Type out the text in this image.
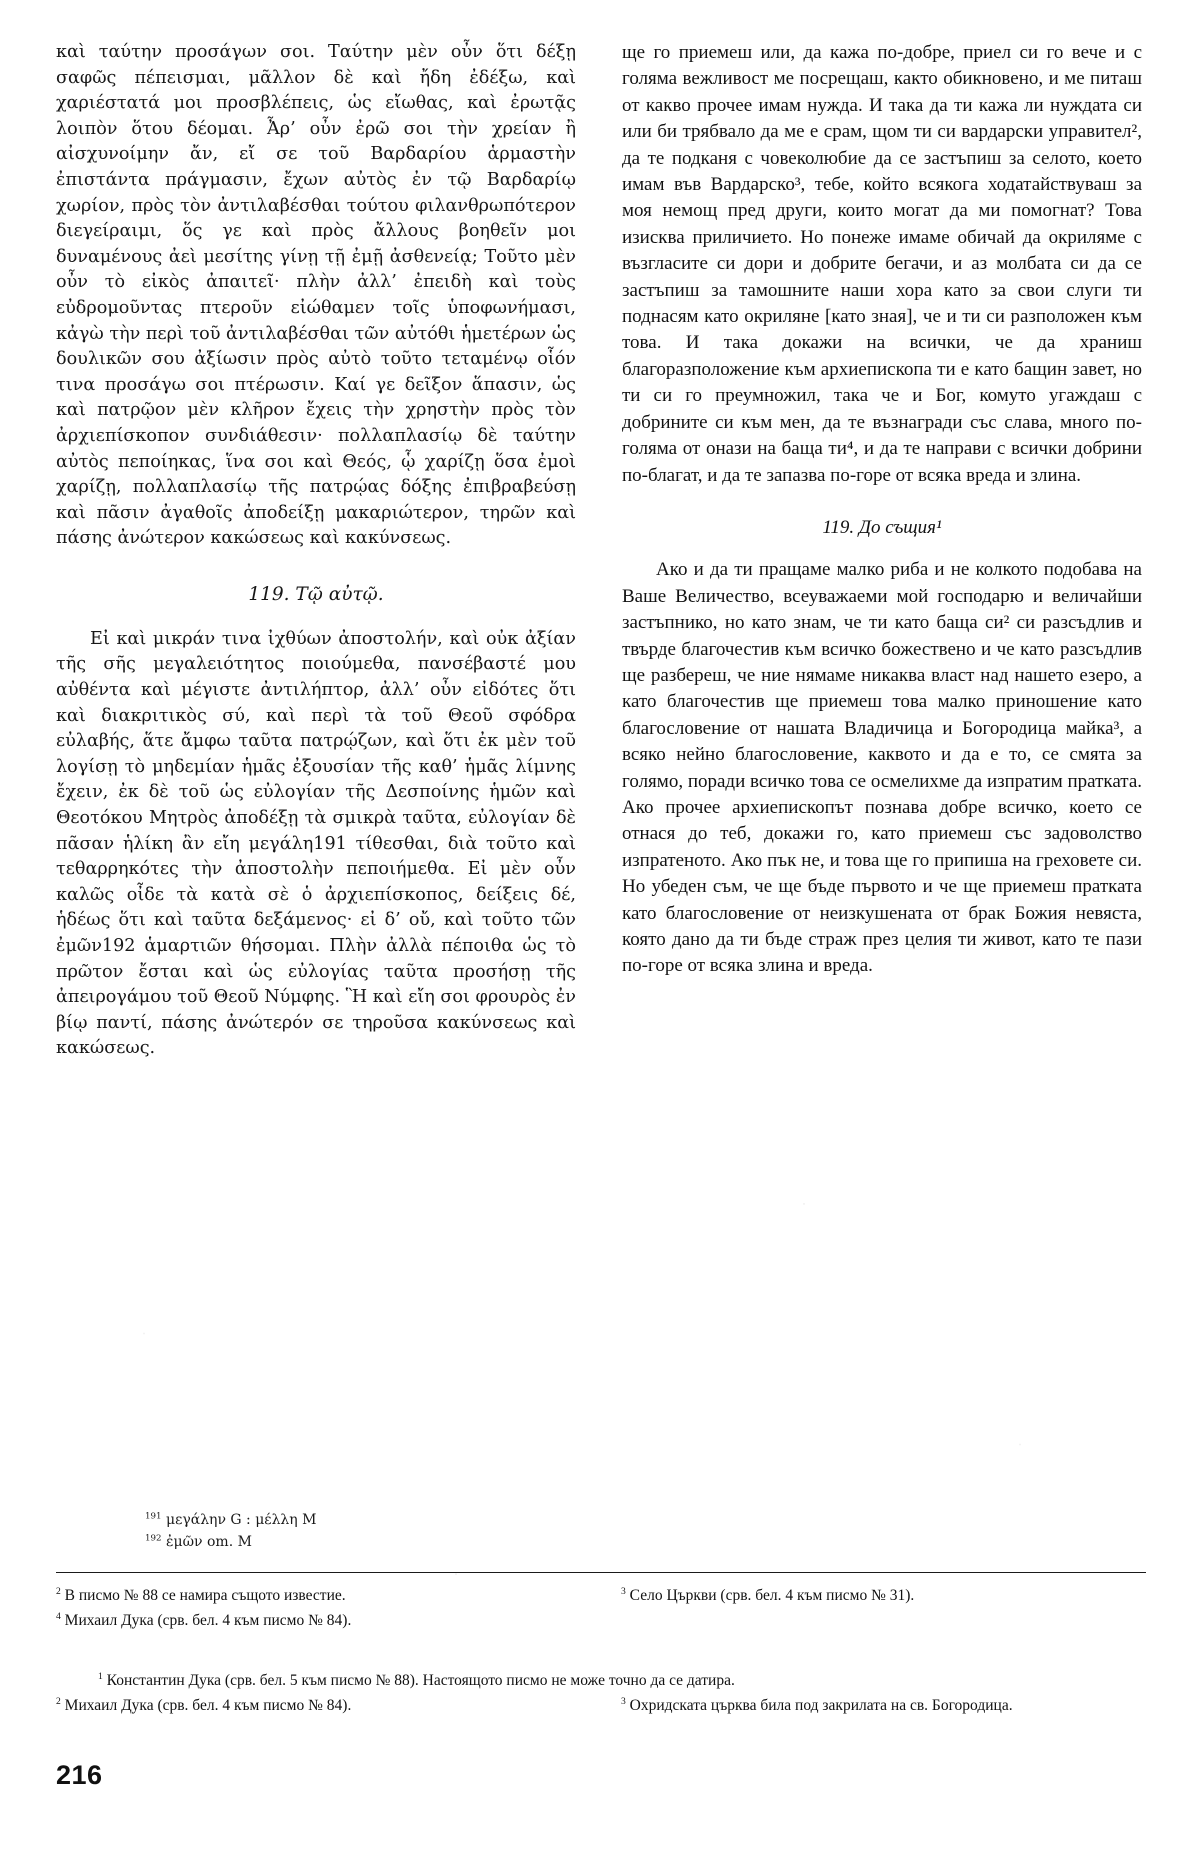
καὶ ταύτην προσάγων σοι. Ταύτην μὲν οὖν ὅτι δέξῃ σαφῶς πέπεισμαι, μᾶλλον δὲ καὶ ἤδη ἐδέξω, καὶ χαριέστατά μοι προσβλέπεις, ὡς εἴωθας, καὶ ἐρωτᾷς λοιπὸν ὅτου δέομαι. Ἆρ’ οὖν ἐρῶ σοι τὴν χρείαν ἢ αἰσχυνοίμην ἄν, εἴ σε τοῦ Βαρδαρίου ἁρμαστὴν ἐπιστάντα πράγμασιν, ἔχων αὐτὸς ἐν τῷ Βαρδαρίῳ χωρίον, πρὸς τὸν ἀντιλαβέσθαι τούτου φιλανθρωπότερον διεγείραιμι, ὅς γε καὶ πρὸς ἄλλους βοηθεῖν μοι δυναμένους ἀεὶ μεσίτης γίνῃ τῇ ἐμῇ ἀσθενείᾳ; Τοῦτο μὲν οὖν τὸ εἰκὸς ἀπαιτεῖ· πλὴν ἀλλ’ ἐπειδὴ καὶ τοὺς εὐδρομοῦντας πτεροῦν εἰώθαμεν τοῖς ὑποφωνήμασι, κἀγὼ τὴν περὶ τοῦ ἀντιλαβέσθαι τῶν αὐτόθι ἡμετέρων ὡς δουλικῶν σου ἀξίωσιν πρὸς αὐτὸ τοῦτο τεταμένῳ οἷόν τινα προσάγω σοι πτέρωσιν. Καί γε δεῖξον ἅπασιν, ὡς καὶ πατρῷον μὲν κλῆρον ἔχεις τὴν χρηστὴν πρὸς τὸν ἀρχιεπίσκοπον συνδιάθεσιν· πολλαπλασίῳ δὲ ταύτην αὐτὸς πεποίηκας, ἵνα σοι καὶ Θεός, ᾧ χαρίζῃ ὅσα ἐμοὶ χαρίζῃ, πολλαπλασίῳ τῆς πατρῴας δόξης ἐπιβραβεύσῃ καὶ πᾶσιν ἀγαθοῖς ἀποδείξῃ μακαριώτερον, τηρῶν καὶ πάσης ἀνώτερον κακώσεως καὶ κακύνσεως.

119. Τῷ αὐτῷ.

Εἰ καὶ μικράν τινα ἰχθύων ἀποστολήν, καὶ οὐκ ἀξίαν τῆς σῆς μεγαλειότητος ποιούμεθα, πανσέβαστέ μου αὐθέντα καὶ μέγιστε ἀντιλήπτορ, ἀλλ’ οὖν εἰδότες ὅτι καὶ διακριτικὸς σύ, καὶ περὶ τὰ τοῦ Θεοῦ σφόδρα εὐλαβής, ἅτε ἄμφω ταῦτα πατρῴζων, καὶ ὅτι ἐκ μὲν τοῦ λογίσῃ τὸ μηδεμίαν ἡμᾶς ἐξουσίαν τῆς καθ’ ἡμᾶς λίμνης ἔχειν, ἐκ δὲ τοῦ ὡς εὐλογίαν τῆς Δεσποίνης ἡμῶν καὶ Θεοτόκου Μητρὸς ἀποδέξῃ τὰ σμικρὰ ταῦτα, εὐλογίαν δὲ πᾶσαν ἡλίκη ἂν εἴη μεγάλη191 τίθεσθαι, διὰ τοῦτο καὶ τεθαρρηκότες τὴν ἀποστολὴν πεποιήμεθα. Εἰ μὲν οὖν καλῶς οἶδε τὰ κατὰ σὲ ὁ ἀρχιεπίσκοπος, δείξεις δέ, ἡδέως ὅτι καὶ ταῦτα δεξάμενος· εἰ δ’ οὔ, καὶ τοῦτο τῶν ἐμῶν192 ἁμαρτιῶν θήσομαι. Πλὴν ἀλλὰ πέποιθα ὡς τὸ πρῶτον ἔσται καὶ ὡς εὐλογίας ταῦτα προσήσῃ τῆς ἀπειρογάμου τοῦ Θεοῦ Νύμφης. Ἣ καὶ εἴη σοι φρουρὸς ἐν βίῳ παντί, πάσης ἀνώτερόν σε τηροῦσα κακύνσεως καὶ κακώσεως.

ще го приемеш или, да кажа по-добре, приел си го вече и с голяма вежливост ме посрещаш, както обикновено, и ме питаш от какво прочее имам нужда. И така да ти кажа ли нуждата си или би трябвало да ме е срам, щом ти си вардарски управител², да те подканя с човеколюбие да се застъпиш за селото, което имам във Вардарско³, тебе, който всякога ходатайствуваш за моя немощ пред други, които могат да ми помогнат? Това изисква приличието. Но понеже имаме обичай да окриляме с възгласите си дори и добрите бегачи, и аз молбата си да се застъпиш за тамошните наши хора като за свои слуги ти поднасям като окриляне [като зная], че и ти си разположен към това. И така докажи на всички, че да храниш благоразположение към архиепископа ти е като бащин завет, но ти си го преумножил, така че и Бог, комуто угаждаш с добрините си към мен, да те възнагради със слава, много по-голяма от онази на баща ти⁴, и да те направи с всички добрини по-благат, и да те запазва по-горе от всяка вреда и злина.

119. До същия¹

Ако и да ти пращаме малко риба и не колкото подобава на Ваше Величество, всеуважаеми мой господарю и величайши застъпнико, но като знам, че ти като баща си² си разсъдлив и твърде благочестив към всичко божествено и че като разсъдлив ще разбереш, че ние нямаме никаква власт над нашето езеро, а като благочестив ще приемеш това малко приношение като благословение от нашата Владичица и Богородица майка³, а всяко нейно благословение, каквото и да е то, се смята за голямо, поради всичко това се осмелихме да изпратим пратката. Ако прочее архиепископът познава добре всичко, което се отнася до теб, докажи го, като приемеш със задоволство изпратеното. Ако пък не, и това ще го припиша на греховете си. Но убеден съм, че ще бъде първото и че ще приемеш пратката като благословение от неизкушената от брак Божия невяста, която дано да ти бъде страж през целия ти живот, като те пази по-горе от всяка злина и вреда.

$^{191}$ μεγάλην G : μέλλη M
$^{192}$ ἐμῶν om. M
$^2$ В писмо № 88 се намира същото известие.
$^4$ Михаил Дука (срв. бел. 4 към писмо № 84).
$^3$ Село Църкви (срв. бел. 4 към писмо № 31).
$^1$ Константин Дука (срв. бел. 5 към писмо № 88). Настоящото писмо не може точно да се датира.
$^2$ Михаил Дука (срв. бел. 4 към писмо № 84).	$^3$ Охридската църква била под закрилата на св. Богородица.
216
